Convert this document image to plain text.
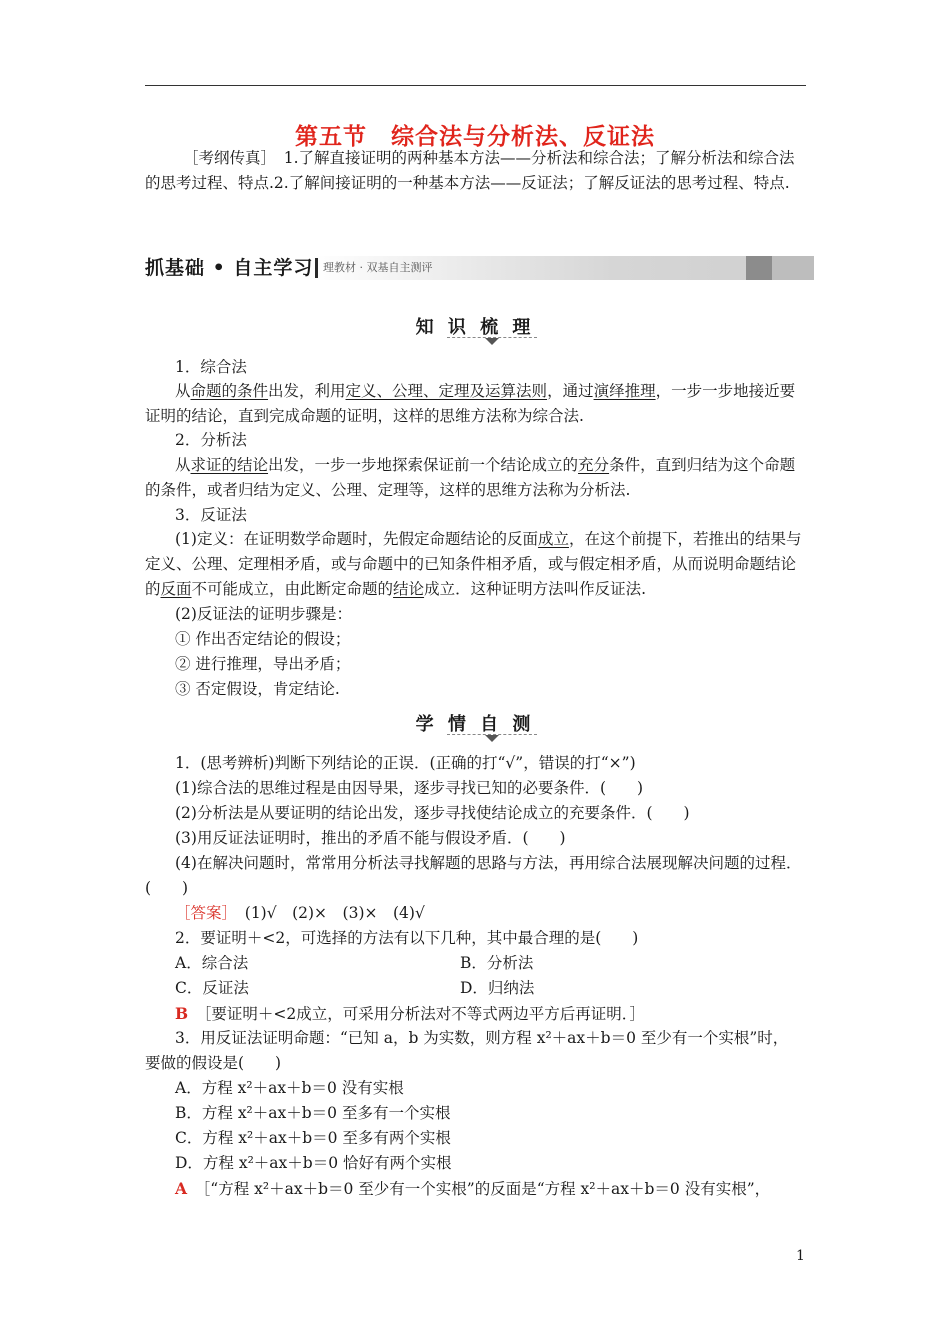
第五节　综合法与分析法、反证法

［考纲传真］　1.了解直接证明的两种基本方法——分析法和综合法；了解分析法和综合法的思考过程、特点.2.了解间接证明的一种基本方法——反证法；了解反证法的思考过程、特点.

抓基础 • 自主学习 理教材 · 双基自主测评
知 识 梳 理
1．综合法

从命题的条件出发，利用定义、公理、定理及运算法则，通过演绎推理，一步一步地接近要证明的结论，直到完成命题的证明，这样的思维方法称为综合法.

2．分析法

从求证的结论出发，一步一步地探索保证前一个结论成立的充分条件，直到归结为这个命题的条件，或者归结为定义、公理、定理等，这样的思维方法称为分析法.

3．反证法

(1)定义：在证明数学命题时，先假定命题结论的反面成立，在这个前提下，若推出的结果与定义、公理、定理相矛盾，或与命题中的已知条件相矛盾，或与假定相矛盾，从而说明命题结论的反面不可能成立，由此断定命题的结论成立．这种证明方法叫作反证法.

(2)反证法的证明步骤是：
① 作出否定结论的假设；
② 进行推理，导出矛盾；
③ 否定假设，肯定结论.
学 情 自 测
1．(思考辨析)判断下列结论的正误．(正确的打“√”，错误的打“×”)
(1)综合法的思维过程是由因导果，逐步寻找已知的必要条件．(　　)
(2)分析法是从要证明的结论出发，逐步寻找使结论成立的充要条件．(　　)
(3)用反证法证明时，推出的矛盾不能与假设矛盾．(　　)

(4)在解决问题时，常常用分析法寻找解题的思路与方法，再用综合法展现解决问题的过程．(　　)

［答案］　(1)√　(2)×　(3)×　(4)√
2．要证明＋<2，可选择的方法有以下几种，其中最合理的是(　　)
A．综合法	B．分析法
C．反证法	D．归纳法
B　［要证明＋<2成立，可采用分析法对不等式两边平方后再证明．］
3．用反证法证明命题：“已知 a，b 为实数，则方程 x²＋ax＋b＝0 至少有一个实根”时，
要做的假设是(　　)
A．方程 x²＋ax＋b＝0 没有实根
B．方程 x²＋ax＋b＝0 至多有一个实根
C．方程 x²＋ax＋b＝0 至多有两个实根
D．方程 x²＋ax＋b＝0 恰好有两个实根
A　［“方程 x²＋ax＋b＝0 至少有一个实根”的反面是“方程 x²＋ax＋b＝0 没有实根”，
1
